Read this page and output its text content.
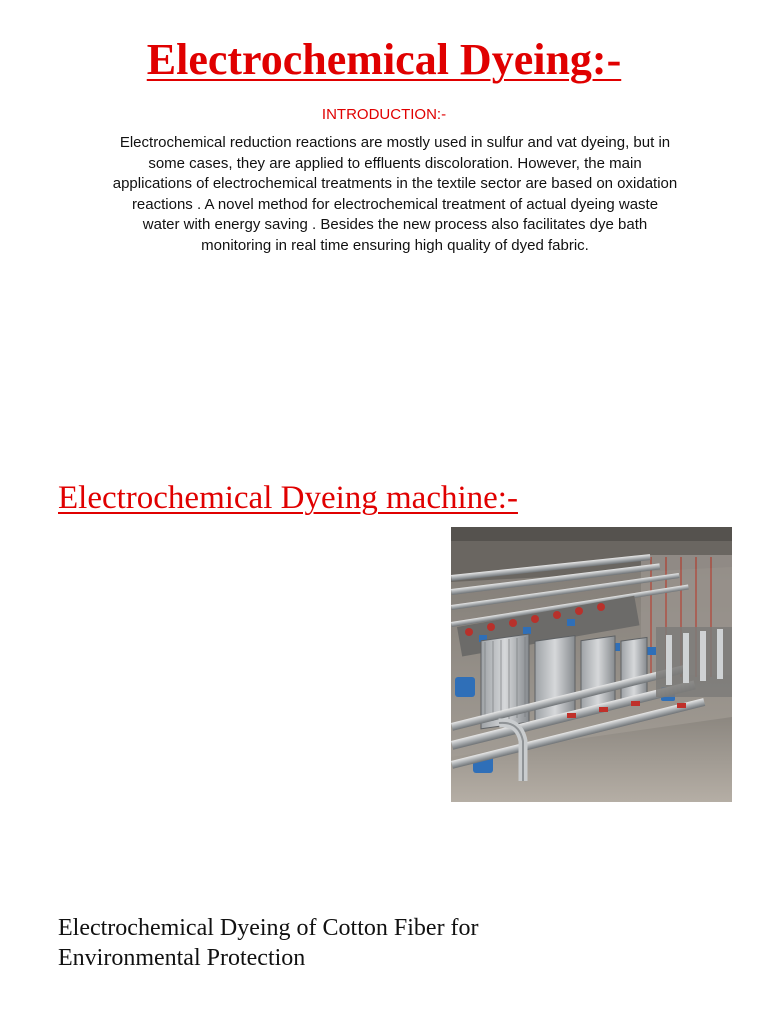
Electrochemical Dyeing:-
INTRODUCTION:-

Electrochemical reduction reactions are mostly used in sulfur and vat dyeing, but in some cases, they are applied to effluents discoloration. However, the main applications of electrochemical treatments in the textile sector are based on oxidation reactions . A novel method for electrochemical treatment of actual dyeing waste water with energy saving . Besides the new process also facilitates dye bath monitoring in real time ensuring high quality of dyed fabric.

Electrochemical Dyeing machine:-

Electrochemical Dyeing of Cotton Fiber for Environmental Protection
